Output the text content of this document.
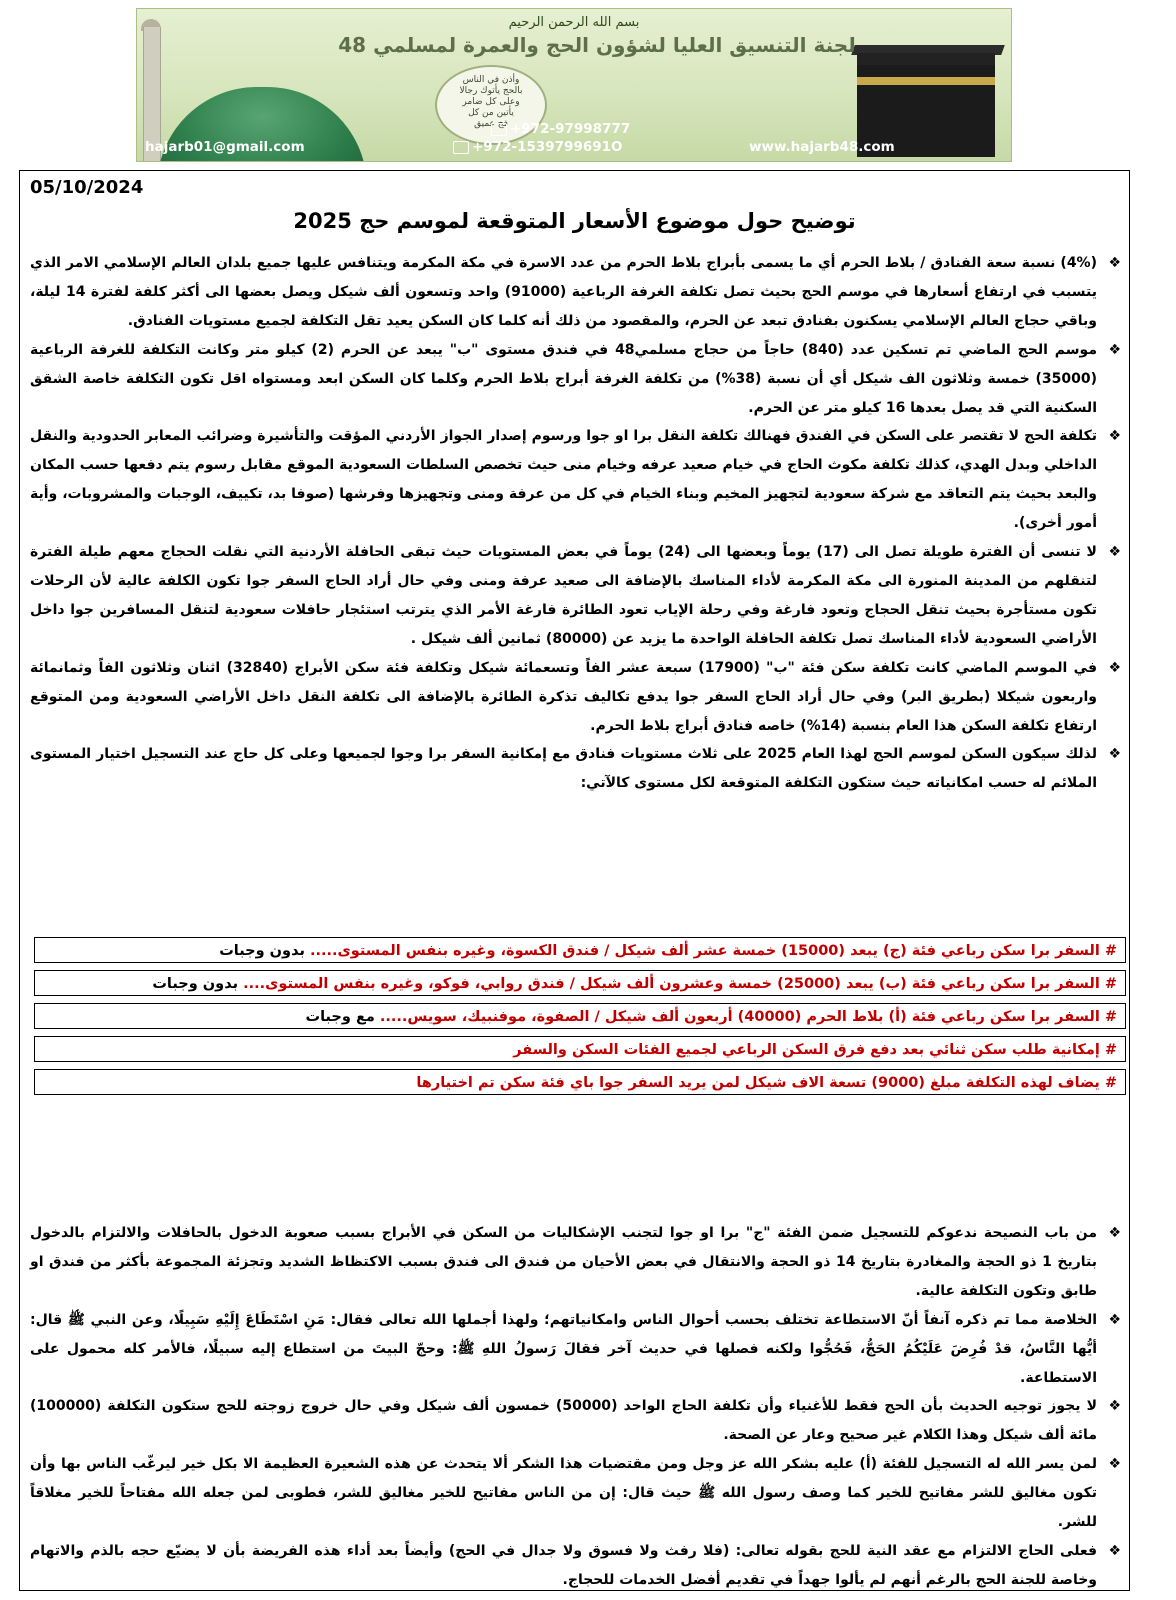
بسم الله الرحمن الرحيم
لجنة التنسيق العليا لشؤون الحج والعمرة لمسلمي 48
وأذن في الناس
بالحج يأتوك رجالا
وعلى كل ضامر
يأتين من كل
فج عميق +972-97998777
hajarb01@gmail.com	+972-1539799691O	www.hajarb48.com
05/10/2024
توضيح حول موضوع الأسعار المتوقعة لموسم حج 2025
❖
(4%) نسبة سعة الفنادق / بلاط الحرم أي ما يسمى بأبراج بلاط الحرم من عدد الاسرة في مكة المكرمة ويتنافس عليها جميع بلدان العالم الإسلامي الامر الذي يتسبب في ارتفاع أسعارها في موسم الحج بحيث تصل تكلفة الغرفة الرباعية (91000) واحد وتسعون ألف شيكل ويصل بعضها الى أكثر كلفة لفترة 14 ليلة، وباقي حجاج العالم الإسلامي يسكنون بفنادق تبعد عن الحرم، والمقصود من ذلك أنه كلما كان السكن يعيد تقل التكلفة لجميع مستويات الفنادق.
❖
موسم الحج الماضي تم تسكين عدد (840) حاجاً من حجاج مسلمي48 في فندق مستوى "ب" يبعد عن الحرم (2) كيلو متر وكانت التكلفة للغرفة الرباعية (35000) خمسة وثلاثون الف شيكل أي أن نسبة (38%) من تكلفة الغرفة أبراج بلاط الحرم وكلما كان السكن ابعد ومستواه اقل تكون التكلفة خاصة الشقق السكنية التي قد يصل بعدها 16 كيلو متر عن الحرم.
❖
تكلفة الحج لا تقتصر على السكن في الفندق فهنالك تكلفة النقل برا او جوا ورسوم إصدار الجواز الأردني المؤقت والتأشيرة وضرائب المعابر الحدودية والنقل الداخلي وبدل الهدي، كذلك تكلفة مكوث الحاج في خيام صعيد عرفه وخيام منى حيث تخصص السلطات السعودية الموقع مقابل رسوم يتم دفعها حسب المكان والبعد بحيث يتم التعاقد مع شركة سعودية لتجهيز المخيم وبناء الخيام في كل من عرفة ومنى وتجهيزها وفرشها (صوفا بد، تكييف، الوجبات والمشروبات، وأية أمور أخرى).
❖
لا تنسى أن الفترة طويلة تصل الى (17) يوماً وبعضها الى (24) يوماً في بعض المستويات حيث تبقى الحافلة الأردنية التي نقلت الحجاج معهم طيلة الفترة لتنقلهم من المدينة المنورة الى مكة المكرمة لأداء المناسك بالإضافة الى صعيد عرفة ومنى وفي حال أراد الحاج السفر جوا تكون الكلفة عالية لأن الرحلات تكون مستأجرة بحيث تنقل الحجاج وتعود فارغة وفي رحلة الإياب تعود الطائرة فارغة الأمر الذي يترتب استئجار حافلات سعودية لتنقل المسافرين جوا داخل الأراضي السعودية لأداء المناسك تصل تكلفة الحافلة الواحدة ما يزيد عن (80000) ثمانين ألف شيكل .
❖
في الموسم الماضي كانت تكلفة سكن فئة "ب" (17900) سبعة عشر الفاً وتسعمائة شيكل وتكلفة فئة سكن الأبراج (32840) اثنان وثلاثون الفاً وثمانمائة واربعون شيكلا (بطريق البر) وفي حال أراد الحاج السفر جوا يدفع تكاليف تذكرة الطائرة بالإضافة الى تكلفة النقل داخل الأراضي السعودية ومن المتوقع ارتفاع تكلفة السكن هذا العام بنسبة (14%) خاصه فنادق أبراج بلاط الحرم.
❖
لذلك سيكون السكن لموسم الحج لهذا العام 2025 على ثلاث مستويات فنادق مع إمكانية السفر برا وجوا لجميعها وعلى كل حاج عند التسجيل اختيار المستوى الملائم له حسب امكانياته حيث ستكون التكلفة المتوقعة لكل مستوى كالآتي:
# السفر برا سكن رباعي فئة (ج) يبعد (15000) خمسة عشر ألف شيكل / فندق الكسوة، وغيره بنفس المستوى..... بدون وجبات
# السفر برا سكن رباعي فئة (ب) يبعد (25000) خمسة وعشرون ألف شيكل / فندق روابي، فوكو، وغيره بنفس المستوى.... بدون وجبات
# السفر برا سكن رباعي فئة (أ) بلاط الحرم (40000) أربعون ألف شيكل / الصفوة، موفنبيك، سويس..... مع وجبات
# إمكانية طلب سكن ثنائي بعد دفع فرق السكن الرباعي لجميع الفئات السكن والسفر
# يضاف لهذه التكلفة مبلغ (9000) تسعة الاف شيكل لمن يريد السفر جوا باي فئة سكن تم اختيارها
❖
من باب النصيحة ندعوكم للتسجيل ضمن الفئة "ج" برا او جوا لتجنب الإشكاليات من السكن في الأبراج بسبب صعوبة الدخول بالحافلات والالتزام بالدخول بتاريخ 1 ذو الحجة والمغادرة بتاريخ 14 ذو الحجة والانتقال في بعض الأحيان من فندق الى فندق بسبب الاكتظاظ الشديد وتجزئة المجموعة بأكثر من فندق او طابق وتكون التكلفة عالية.
❖
الخلاصة مما تم ذكره آنفاً أنّ الاستطاعة تختلف بحسب أحوال الناس وامكانياتهم؛ ولهذا أجملها الله تعالى فقال: مَنِ اسْتَطَاعَ إِلَيْهِ سَبِيلًا، وعن النبي ﷺ قال: أيُّها النَّاسُ، قدْ فُرِضَ عَلَيْكُمُ الحَجُّ، فَحُجُّوا ولكنه فصلها في حديث آخر فقالَ رَسولُ اللهِ ﷺ: وحجّ البيتَ من استطاع إليه سبيلًا، فالأمر كله محمول على الاستطاعة.
❖
لا يجوز توجيه الحديث بأن الحج فقط للأغنياء وأن تكلفة الحاج الواحد (50000) خمسون ألف شيكل وفي حال خروج زوجته للحج ستكون التكلفة (100000) مائة ألف شيكل وهذا الكلام غير صحيح وعار عن الصحة.
❖
لمن يسر الله له التسجيل للفئة (أ) عليه بشكر الله عز وجل ومن مقتضيات هذا الشكر ألا يتحدث عن هذه الشعيرة العظيمة الا بكل خير ليرغّب الناس بها وأن تكون مغاليق للشر مفاتيح للخير كما وصف رسول الله ﷺ حيث قال: إن من الناس مفاتيح للخير مغاليق للشر، فطوبى لمن جعله الله مفتاحاً للخير مغلاقاً للشر.
❖
فعلى الحاج الالتزام مع عقد النية للحج بقوله تعالى: (فلا رفث ولا فسوق ولا جدال في الحج) وأيضاً بعد أداء هذه الفريضة بأن لا يضيّع حجه بالذم والاتهام وخاصة للجنة الحج بالرغم أنهم لم يألوا جهداً في تقديم أفضل الخدمات للحجاج.
